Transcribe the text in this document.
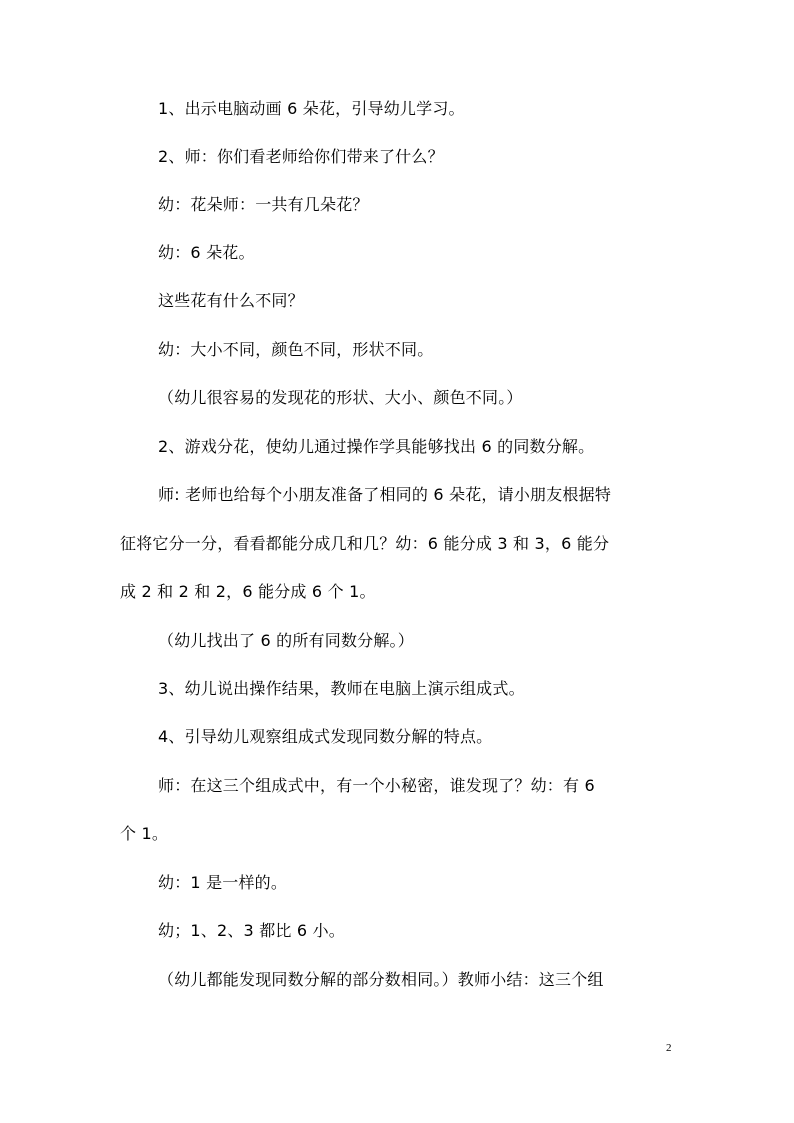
1、出示电脑动画 6 朵花，引导幼儿学习。
2、师：你们看老师给你们带来了什么？
幼：花朵师：一共有几朵花？
幼：6 朵花。
这些花有什么不同？
幼：大小不同，颜色不同，形状不同。
（幼儿很容易的发现花的形状、大小、颜色不同。）
2、游戏分花，使幼儿通过操作学具能够找出 6 的同数分解。
师: 老师也给每个小朋友准备了相同的 6 朵花，请小朋友根据特
征将它分一分，看看都能分成几和几？幼：6 能分成 3 和 3，6 能分
成 2 和 2 和 2，6 能分成 6 个 1。
（幼儿找出了 6 的所有同数分解。）
3、幼儿说出操作结果，教师在电脑上演示组成式。
4、引导幼儿观察组成式发现同数分解的特点。
师：在这三个组成式中，有一个小秘密，谁发现了？幼：有 6
个 1。
幼：1 是一样的。
幼；1、2、3 都比 6 小。
（幼儿都能发现同数分解的部分数相同。）教师小结：这三个组
2
